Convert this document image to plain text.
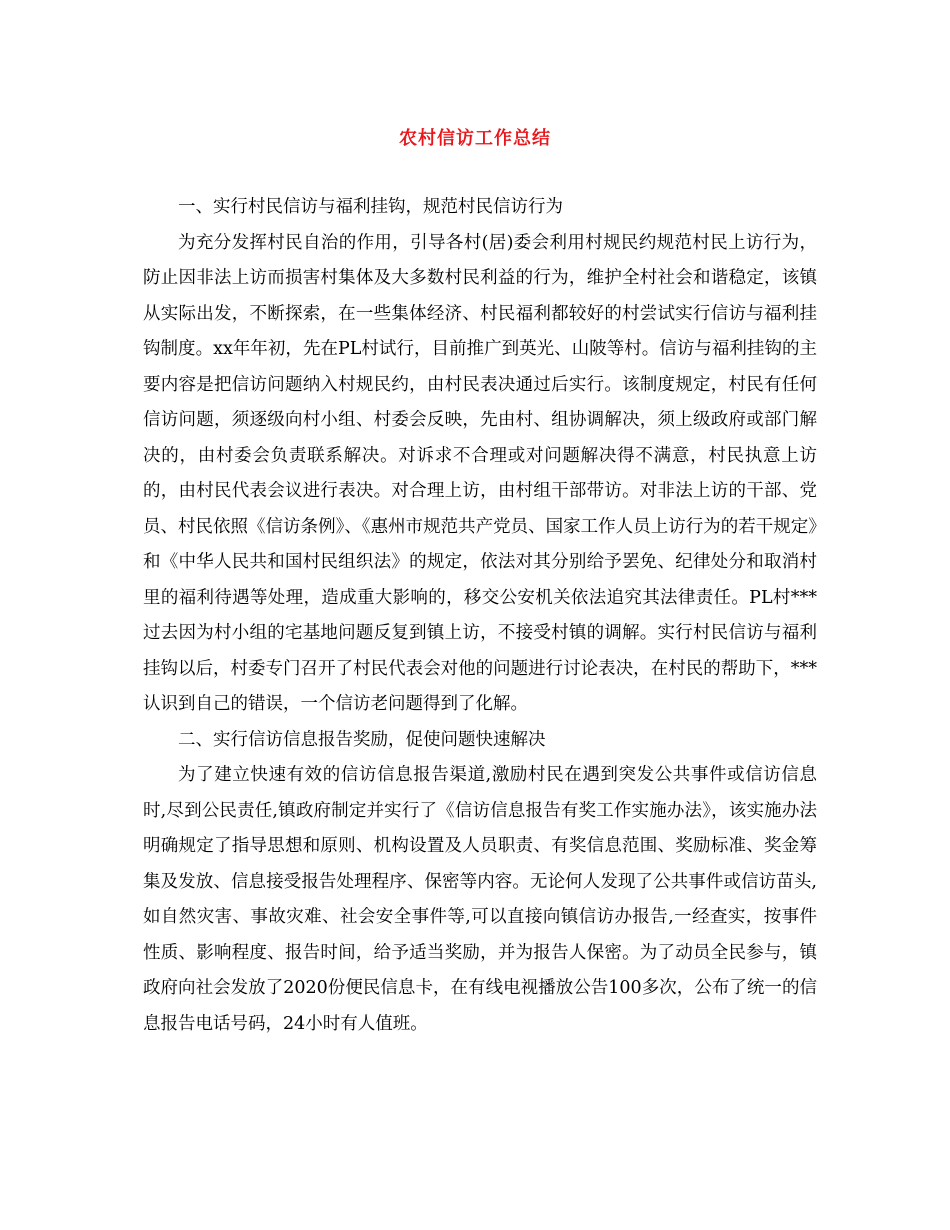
农村信访工作总结

一、实行村民信访与福利挂钩，规范村民信访行为

为充分发挥村民自治的作用，引导各村(居)委会利用村规民约规范村民上访行为，防止因非法上访而损害村集体及大多数村民利益的行为，维护全村社会和谐稳定，该镇从实际出发，不断探索，在一些集体经济、村民福利都较好的村尝试实行信访与福利挂钩制度。xx年年初，先在PL村试行，目前推广到英光、山陂等村。信访与福利挂钩的主要内容是把信访问题纳入村规民约，由村民表决通过后实行。该制度规定，村民有任何信访问题，须逐级向村小组、村委会反映，先由村、组协调解决，须上级政府或部门解决的，由村委会负责联系解决。对诉求不合理或对问题解决得不满意，村民执意上访的，由村民代表会议进行表决。对合理上访，由村组干部带访。对非法上访的干部、党员、村民依照《信访条例》、《惠州市规范共产党员、国家工作人员上访行为的若干规定》和《中华人民共和国村民组织法》的规定，依法对其分别给予罢免、纪律处分和取消村里的福利待遇等处理，造成重大影响的，移交公安机关依法追究其法律责任。PL村***过去因为村小组的宅基地问题反复到镇上访，不接受村镇的调解。实行村民信访与福利挂钩以后，村委专门召开了村民代表会对他的问题进行讨论表决，在村民的帮助下，***认识到自己的错误，一个信访老问题得到了化解。

二、实行信访信息报告奖励，促使问题快速解决

为了建立快速有效的信访信息报告渠道,激励村民在遇到突发公共事件或信访信息时,尽到公民责任,镇政府制定并实行了《信访信息报告有奖工作实施办法》，该实施办法明确规定了指导思想和原则、机构设置及人员职责、有奖信息范围、奖励标准、奖金筹集及发放、信息接受报告处理程序、保密等内容。无论何人发现了公共事件或信访苗头,如自然灾害、事故灾难、社会安全事件等,可以直接向镇信访办报告,一经查实，按事件性质、影响程度、报告时间，给予适当奖励，并为报告人保密。为了动员全民参与，镇政府向社会发放了2020份便民信息卡，在有线电视播放公告100多次，公布了统一的信息报告电话号码，24小时有人值班。
